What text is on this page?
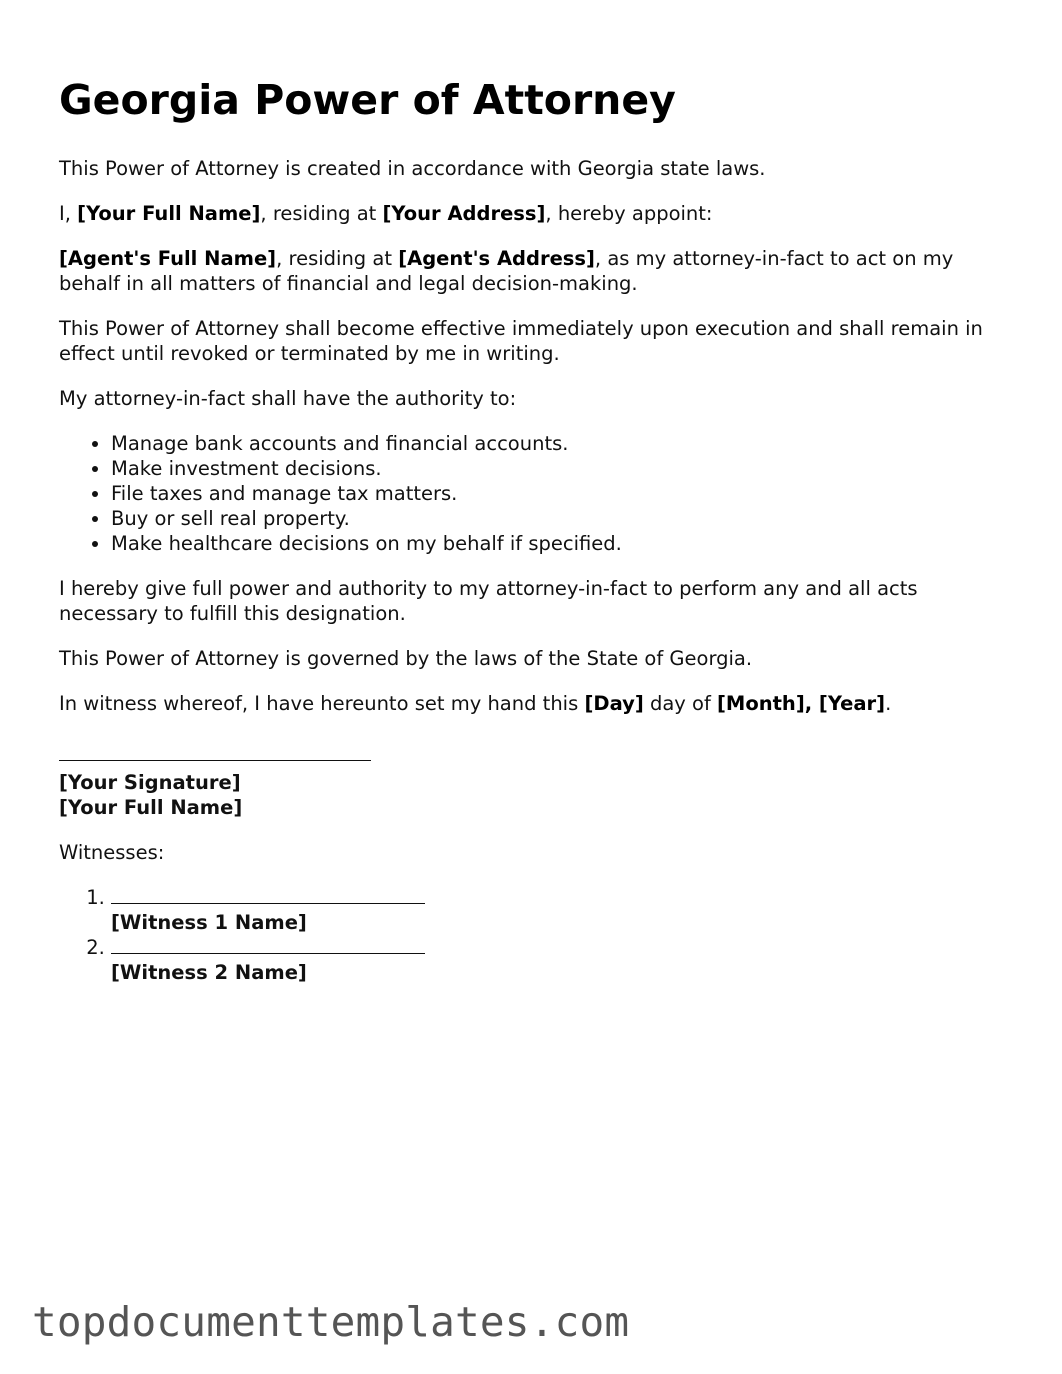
Georgia Power of Attorney

This Power of Attorney is created in accordance with Georgia state laws.

I, [Your Full Name], residing at [Your Address], hereby appoint:

[Agent's Full Name], residing at [Agent's Address], as my attorney-in-fact to act on my behalf in all matters of financial and legal decision-making.

This Power of Attorney shall become effective immediately upon execution and shall remain in effect until revoked or terminated by me in writing.

My attorney-in-fact shall have the authority to:

• Manage bank accounts and financial accounts.
• Make investment decisions.
• File taxes and manage tax matters.
• Buy or sell real property.
• Make healthcare decisions on my behalf if specified.

I hereby give full power and authority to my attorney-in-fact to perform any and all acts necessary to fulfill this designation.

This Power of Attorney is governed by the laws of the State of Georgia.

In witness whereof, I have hereunto set my hand this [Day] day of [Month], [Year].

[Your Signature]
[Your Full Name]

Witnesses:

1. [Witness 1 Name]
2. [Witness 2 Name]
topdocumenttemplates.com
